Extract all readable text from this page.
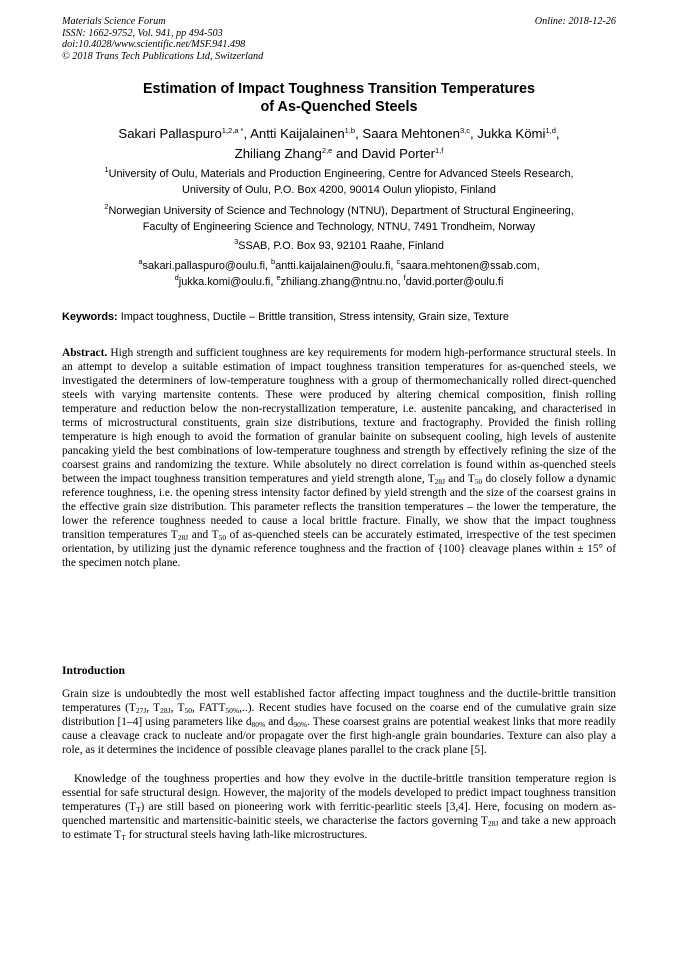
Materials Science Forum
ISSN: 1662-9752, Vol. 941, pp 494-503
doi:10.4028/www.scientific.net/MSF.941.498
© 2018 Trans Tech Publications Ltd, Switzerland
Online: 2018-12-26
Estimation of Impact Toughness Transition Temperatures
of As-Quenched Steels
Sakari Pallaspuro$^{1,2,a *}$, Antti Kaijalainen$^{1,b}$, Saara Mehtonen$^{3,c}$, Jukka Kömi$^{1,d}$,
Zhiliang Zhang$^{2,e}$ and David Porter$^{1,f}$
$^1$University of Oulu, Materials and Production Engineering, Centre for Advanced Steels Research,
University of Oulu, P.O. Box 4200, 90014 Oulun yliopisto, Finland
$^2$Norwegian University of Science and Technology (NTNU), Department of Structural Engineering,
Faculty of Engineering Science and Technology, NTNU, 7491 Trondheim, Norway
$^3$SSAB, P.O. Box 93, 92101 Raahe, Finland
$^a$sakari.pallaspuro@oulu.fi, $^b$antti.kaijalainen@oulu.fi, $^c$saara.mehtonen@ssab.com,
$^d$jukka.komi@oulu.fi, $^e$zhiliang.zhang@ntnu.no, $^f$david.porter@oulu.fi
Keywords: Impact toughness, Ductile – Brittle transition, Stress intensity, Grain size, Texture
Abstract. High strength and sufficient toughness are key requirements for modern high-performance structural steels. In an attempt to develop a suitable estimation of impact toughness transition temperatures for as-quenched steels, we investigated the determiners of low-temperature toughness with a group of thermomechanically rolled direct-quenched steels with varying martensite contents. These were produced by altering chemical composition, finish rolling temperature and reduction below the non-recrystallization temperature, i.e. austenite pancaking, and characterised in terms of microstructural constituents, grain size distributions, texture and fractography. Provided the finish rolling temperature is high enough to avoid the formation of granular bainite on subsequent cooling, high levels of austenite pancaking yield the best combinations of low-temperature toughness and strength by effectively refining the size of the coarsest grains and randomizing the texture. While absolutely no direct correlation is found within as-quenched steels between the impact toughness transition temperatures and yield strength alone, $T_{28J}$ and $T_{50}$ do closely follow a dynamic reference toughness, i.e. the opening stress intensity factor defined by yield strength and the size of the coarsest grains in the effective grain size distribution. This parameter reflects the transition temperatures – the lower the temperature, the lower the reference toughness needed to cause a local brittle fracture. Finally, we show that the impact toughness transition temperatures $T_{28J}$ and $T_{50}$ of as-quenched steels can be accurately estimated, irrespective of the test specimen orientation, by utilizing just the dynamic reference toughness and the fraction of {100} cleavage planes within ± 15° of the specimen notch plane.
Introduction
Grain size is undoubtedly the most well established factor affecting impact toughness and the ductile-brittle transition temperatures ($T_{27J}$, $T_{28J}$, $T_{50}$, $FATT_{50\%}$,..). Recent studies have focused on the coarse end of the cumulative grain size distribution [1–4] using parameters like $d_{80\%}$ and $d_{90\%}$. These coarsest grains are potential weakest links that more readily cause a cleavage crack to nucleate and/or propagate over the first high-angle grain boundaries. Texture can also play a role, as it determines the incidence of possible cleavage planes parallel to the crack plane [5].
Knowledge of the toughness properties and how they evolve in the ductile-brittle transition temperature region is essential for safe structural design. However, the majority of the models developed to predict impact toughness transition temperatures $(T_T)$ are still based on pioneering work with ferritic-pearlitic steels [3,4]. Here, focusing on modern as-quenched martensitic and martensitic-bainitic steels, we characterise the factors governing $T_{28J}$ and take a new approach to estimate $T_T$ for structural steels having lath-like microstructures.
